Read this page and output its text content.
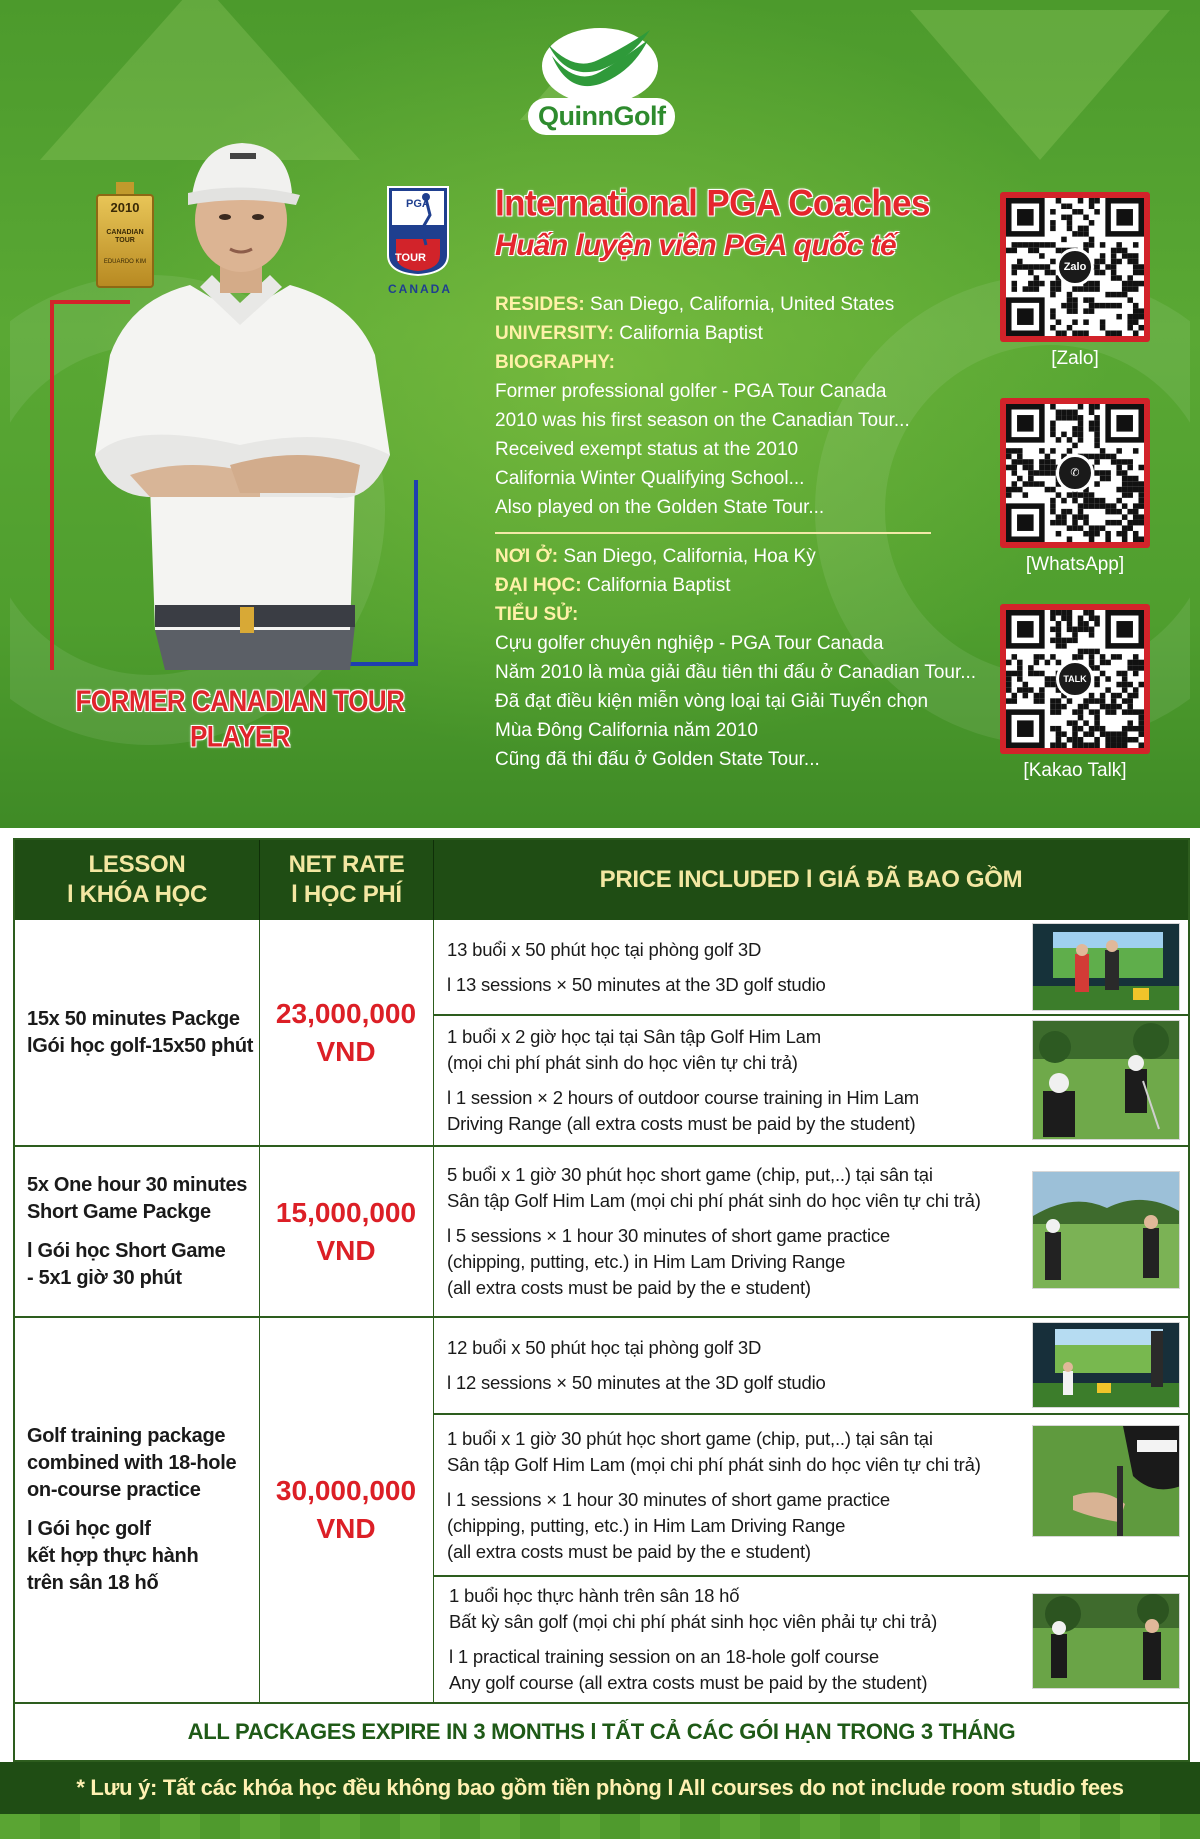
QuinnGolf
2010
CANADIAN TOUR
EDUARDO KIM
FORMER CANADIAN TOUR PLAYER
PGA
TOUR
CANADA
International PGA Coaches
Huấn luyện viên PGA quốc tế
RESIDES: San Diego, California, United States
UNIVERSITY: California Baptist
BIOGRAPHY:
Former professional golfer - PGA Tour Canada
2010 was his first season on the Canadian Tour...
Received exempt status at the 2010
California Winter Qualifying School...
Also played on the Golden State Tour...
NƠI Ở: San Diego, California, Hoa Kỳ
ĐẠI HỌC: California Baptist
TIỂU SỬ:
Cựu golfer chuyên nghiệp - PGA Tour Canada
Năm 2010 là mùa giải đầu tiên thi đấu ở Canadian Tour...
Đã đạt điều kiện miễn vòng loại tại Giải Tuyển chọn
Mùa Đông California năm 2010
Cũng đã thi đấu ở Golden State Tour...
Zalo
[Zalo]
✆
[WhatsApp]
TALK
[Kakao Talk]
LESSON
l KHÓA HỌC
NET RATE
l HỌC PHÍ
PRICE INCLUDED l GIÁ ĐÃ BAO GỒM
15x 50 minutes Packge
lGói học golf-15x50 phút
23,000,000
VND
13 buổi x 50 phút học tại phòng golf 3D
l 13 sessions × 50 minutes at the 3D golf studio
1 buổi x 2 giờ học tại tại Sân tập Golf Him Lam
(mọi chi phí phát sinh do học viên tự chi trả)
l 1 session × 2 hours of outdoor course training in Him Lam
Driving Range (all extra costs must be paid by the student)
5x One hour 30 minutes
Short Game Packge
l Gói học Short Game
- 5x1 giờ 30 phút
15,000,000
VND
5 buổi x 1 giờ 30 phút học short game (chip, put,..) tại sân tại
Sân tập Golf Him Lam (mọi chi phí phát sinh do học viên tự chi trả)
l 5 sessions × 1 hour 30 minutes of short game practice
(chipping, putting, etc.) in Him Lam Driving Range
(all extra costs must be paid by the e student)
Golf training package
combined with 18-hole
on-course practice
l Gói học golf
kết hợp thực hành
trên sân 18 hố
30,000,000
VND
12 buổi x 50 phút học tại phòng golf 3D
l 12 sessions × 50 minutes at the 3D golf studio
1 buổi x 1 giờ 30 phút học short game (chip, put,..) tại sân tại
Sân tập Golf Him Lam (mọi chi phí phát sinh do học viên tự chi trả)
l 1 sessions × 1 hour 30 minutes of short game practice
(chipping, putting, etc.) in Him Lam Driving Range
(all extra costs must be paid by the e student)
1 buổi học thực hành trên sân 18 hố
Bất kỳ sân golf (mọi chi phí phát sinh học viên phải tự chi trả)
l 1 practical training session on an 18-hole golf course
Any golf course (all extra costs must be paid by the student)
ALL PACKAGES EXPIRE IN 3 MONTHS l TẤT CẢ CÁC GÓI HẠN TRONG 3 THÁNG
* Lưu ý: Tất các khóa học đều không bao gồm tiền phòng l All courses do not include room studio fees
